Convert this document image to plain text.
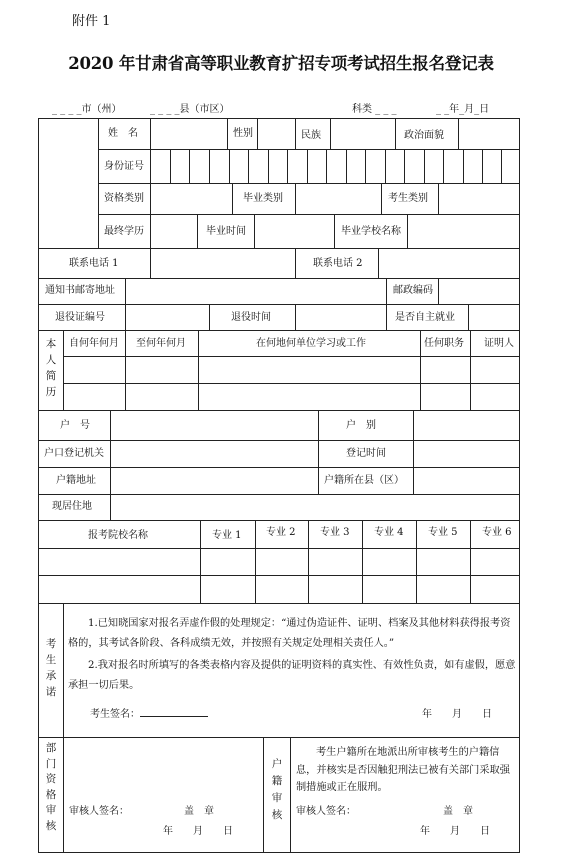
附件 1
2020 年甘肃省高等职业教育扩招专项考试招生报名登记表
_ _ _ _市（州）	_ _ _ _县（市区）	科类 _ _ _	_ _年_月_日
姓　名	性别	民族	政治面貌
身份证号
资格类别	毕业类别	考生类别
最终学历	毕业时间	毕业学校名称
联系电话 1	联系电话 2
通知书邮寄地址	邮政编码
退役证编号	退役时间	是否自主就业
本人简历
自何年何月 至何年何月	在何地何单位学习或工作	任何职务 证明人
户　号	户　别
户口登记机关	登记时间
户籍地址	户籍所在县（区）
现居住地
报考院校名称	专业 1 专业 2 专业 3 专业 4 专业 5 专业 6
考生承诺
1.已知晓国家对报名弄虚作假的处理规定：“通过伪造证件、证明、档案及其他材料获得报考资格的，其考试各阶段、各科成绩无效，并按照有关规定处理相关责任人。”
2.我对报名时所填写的各类表格内容及提供的证明资料的真实性、有效性负责，如有虚假，愿意承担一切后果。
考生签名：	年　　月　　日
部门资格审核
审核人签名：	盖　章
年　　月　　日
户籍审核
考生户籍所在地派出所审核考生的户籍信息，并核实是否因触犯刑法已被有关部门采取强制措施或正在服刑。
审核人签名：	盖　章
年　　月　　日
